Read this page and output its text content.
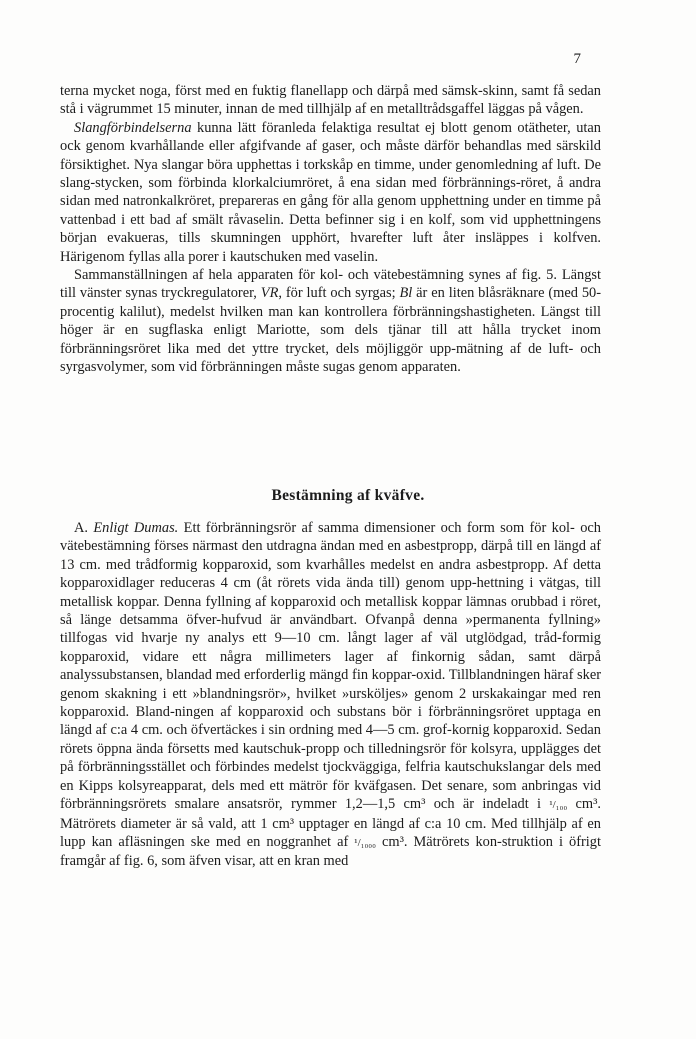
7

terna mycket noga, först med en fuktig flanellapp och därpå med sämsk-skinn, samt få sedan stå i vägrummet 15 minuter, innan de med tillhjälp af en metalltrådsgaffel läggas på vågen.

Slangförbindelserna kunna lätt föranleda felaktiga resultat ej blott genom otätheter, utan ock genom kvarhållande eller afgifvande af gaser, och måste därför behandlas med särskild försiktighet. Nya slangar böra upphettas i torkskåp en timme, under genomledning af luft. De slang-stycken, som förbinda klorkalciumröret, å ena sidan med förbrännings-röret, å andra sidan med natronkalkröret, prepareras en gång för alla genom upphettning under en timme på vattenbad i ett bad af smält råvaselin. Detta befinner sig i en kolf, som vid upphettningens början evakueras, tills skumningen upphört, hvarefter luft åter insläppes i kolfven. Härigenom fyllas alla porer i kautschuken med vaselin.

Sammanställningen af hela apparaten för kol- och vätebestämning synes af fig. 5. Längst till vänster synas tryckregulatorer, VR, för luft och syrgas; Bl är en liten blåsräknare (med 50-procentig kalilut), medelst hvilken man kan kontrollera förbränningshastigheten. Längst till höger är en sugflaska enligt Mariotte, som dels tjänar till att hålla trycket inom förbränningsröret lika med det yttre trycket, dels möjliggör upp-mätning af de luft- och syrgasvolymer, som vid förbränningen måste sugas genom apparaten.

Bestämning af kväfve.

A. Enligt Dumas. Ett förbränningsrör af samma dimensioner och form som för kol- och vätebestämning förses närmast den utdragna ändan med en asbestpropp, därpå till en längd af 13 cm. med trådformig kopparoxid, som kvarhålles medelst en andra asbestpropp. Af detta kopparoxidlager reduceras 4 cm (åt rörets vida ända till) genom upp-hettning i vätgas, till metallisk koppar. Denna fyllning af kopparoxid och metallisk koppar lämnas orubbad i röret, så länge detsamma öfver-hufvud är användbart. Ofvanpå denna »permanenta fyllning» tillfogas vid hvarje ny analys ett 9—10 cm. långt lager af väl utglödgad, tråd-formig kopparoxid, vidare ett några millimeters lager af finkornig sådan, samt därpå analyssubstansen, blandad med erforderlig mängd fin koppar-oxid. Tillblandningen häraf sker genom skakning i ett »blandningsrör», hvilket »ursköljes» genom 2 urskakaingar med ren kopparoxid. Bland-ningen af kopparoxid och substans bör i förbränningsröret upptaga en längd af c:a 4 cm. och öfvertäckes i sin ordning med 4—5 cm. grof-kornig kopparoxid. Sedan rörets öppna ända försetts med kautschuk-propp och tilledningsrör för kolsyra, upplägges det på förbränningsstället och förbindes medelst tjockväggiga, felfria kautschukslangar dels med en Kipps kolsyreapparat, dels med ett mätrör för kväfgasen. Det senare, som anbringas vid förbränningsrörets smalare ansatsrör, rymmer 1,2—1,5 cm³ och är indeladt i ¹/₁₀₀ cm³. Mätrörets diameter är så vald, att 1 cm³ upptager en längd af c:a 10 cm. Med tillhjälp af en lupp kan afläsningen ske med en noggranhet af ¹/₁₀₀₀ cm³. Mätrörets kon-struktion i öfrigt framgår af fig. 6, som äfven visar, att en kran med
